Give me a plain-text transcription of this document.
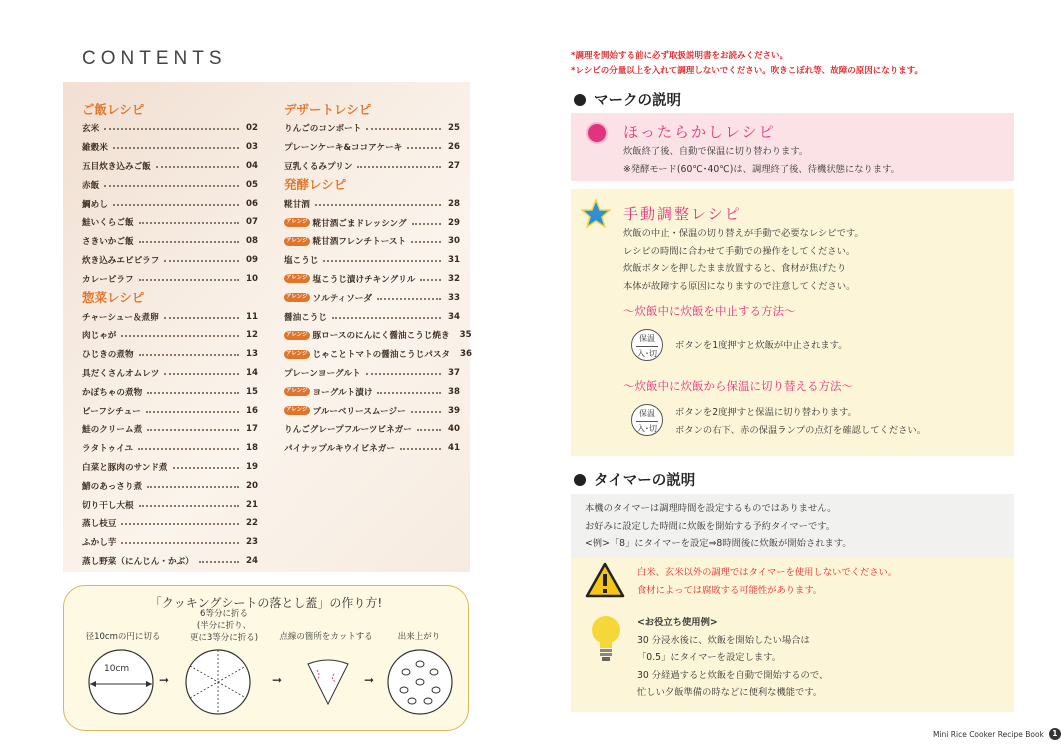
CONTENTS
ご飯レシピ
玄米	02
雑穀米	03
五目炊き込みご飯	04
赤飯	05
鯛めし	06
鮭いくらご飯	07
さきいかご飯	08
炊き込みエビピラフ	09
カレーピラフ	10
惣菜レシピ
チャーシュー＆煮卵	11
肉じゃが	12
ひじきの煮物	13
具だくさんオムレツ	14
かぼちゃの煮物	15
ビーフシチュー	16
鮭のクリーム煮	17
ラタトゥイユ	18
白菜と豚肉のサンド煮	19
鯖のあっさり煮	20
切り干し大根	21
蒸し枝豆	22
ふかし芋	23
蒸し野菜（にんじん・かぶ）	24
デザートレシピ
りんごのコンポート	25
プレーンケーキ&ココアケーキ	26
豆乳くるみプリン	27
発酵レシピ
糀甘酒	28
アレンジ 糀甘酒ごまドレッシング	29
アレンジ 糀甘酒フレンチトースト	30
塩こうじ	31
アレンジ 塩こうじ漬けチキングリル	32
アレンジ ソルティソーダ	33
醤油こうじ	34
アレンジ 豚ロースのにんにく醤油こうじ焼き 35
アレンジ じゃことトマトの醤油こうじパスタ 36
プレーンヨーグルト	37
アレンジ ヨーグルト漬け	38
アレンジ ブルーベリースムージー	39
りんごグレープフルーツビネガー	40
パイナップルキウイビネガー	41
「クッキングシートの落とし蓋」の作り方!
径10cmの円に切る
6等分に折る
(半分に折り、
更に3等分に折る)	点線の箇所をカットする	出来上がり
10cm
➞	➞	➞
*調理を開始する前に必ず取扱説明書をお読みください。
*レシピの分量以上を入れて調理しないでください。吹きこぼれ等、故障の原因になります。
マークの説明
ほったらかしレシピ
炊飯終了後、自動で保温に切り替わります。
※発酵モード(60℃･40℃)は、調理終了後、待機状態になります。
手動調整レシピ
炊飯の中止・保温の切り替えが手動で必要なレシピです。
レシピの時間に合わせて手動での操作をしてください。
炊飯ボタンを押したまま放置すると、食材が焦げたり
本体が故障する原因になりますので注意してください。
〜炊飯中に炊飯を中止する方法〜
保温
入･切
ボタンを1度押すと炊飯が中止されます。
〜炊飯中に炊飯から保温に切り替える方法〜
保温
入･切
ボタンを2度押すと保温に切り替わります。
ボタンの右下、赤の保温ランプの点灯を確認してください。
タイマーの説明
本機のタイマーは調理時間を設定するものではありません。
お好みに設定した時間に炊飯を開始する予約タイマーです。
<例>「8」にタイマーを設定⇒8時間後に炊飯が開始されます。
白米、玄米以外の調理ではタイマーを使用しないでください。
食材によっては腐敗する可能性があります。
<お役立ち使用例>
30 分浸水後に、炊飯を開始したい場合は
「0.5」にタイマーを設定します。
30 分経過すると炊飯を自動で開始するので、
忙しい夕飯準備の時などに便利な機能です。
Mini Rice Cooker Recipe Book	1
